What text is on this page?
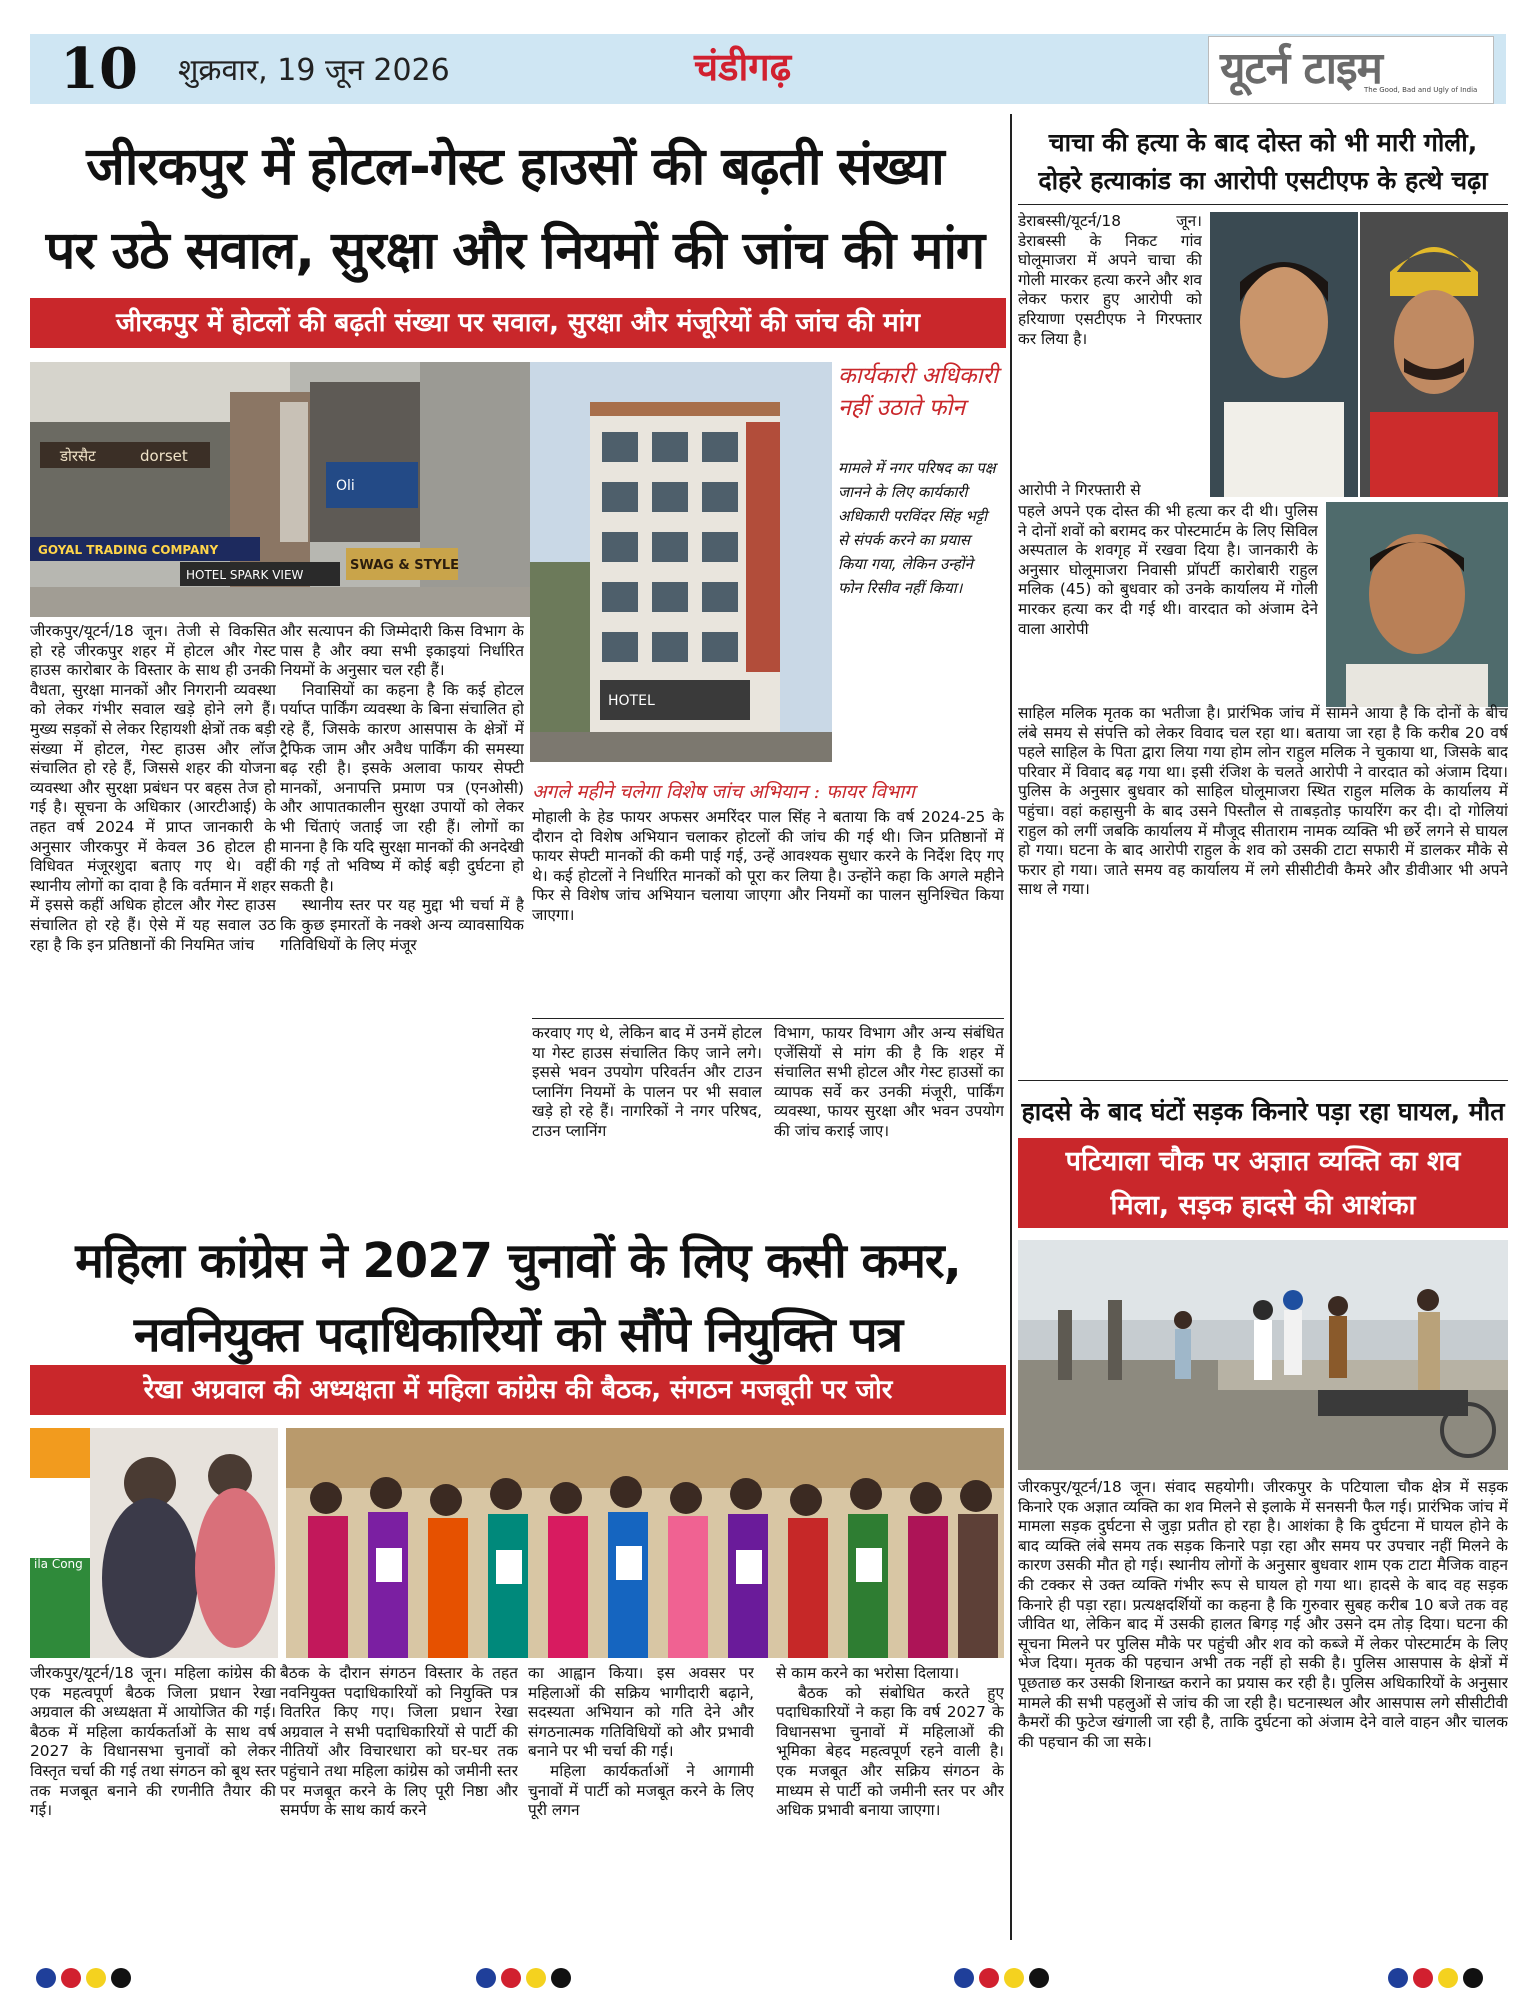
10 शुक्रवार, 19 जून 2026	चंडीगढ़	यूटर्न टाइम
The Good, Bad and Ugly of India
जीरकपुर में होटल-गेस्ट हाउसों की बढ़ती संख्या
पर उठे सवाल, सुरक्षा और नियमों की जांच की मांग
जीरकपुर में होटलों की बढ़ती संख्या पर सवाल, सुरक्षा और मंजूरियों की जांच की मांग
डोरसैट	dorset
GOYAL TRADING COMPANY
HOTEL SPARK VIEW
SWAG & STYLE
Oli
HOTEL
कार्यकारी अधिकारी नहीं उठाते फोन
मामले में नगर परिषद का पक्ष जानने के लिए कार्यकारी अधिकारी परविंदर सिंह भट्टी से संपर्क करने का प्रयास किया गया, लेकिन उन्होंने फोन रिसीव नहीं किया।

जीरकपुर/यूटर्न/18 जून। तेजी से विकसित हो रहे जीरकपुर शहर में होटल और गेस्ट हाउस कारोबार के विस्तार के साथ ही उनकी वैधता, सुरक्षा मानकों और निगरानी व्यवस्था को लेकर गंभीर सवाल खड़े होने लगे हैं। मुख्य सड़कों से लेकर रिहायशी क्षेत्रों तक बड़ी संख्या में होटल, गेस्ट हाउस और लॉज संचालित हो रहे हैं, जिससे शहर की योजना व्यवस्था और सुरक्षा प्रबंधन पर बहस तेज हो गई है। सूचना के अधिकार (आरटीआई) के तहत वर्ष 2024 में प्राप्त जानकारी के अनुसार जीरकपुर में केवल 36 होटल ही विधिवत मंजूरशुदा बताए गए थे। वहीं स्थानीय लोगों का दावा है कि वर्तमान में शहर में इससे कहीं अधिक होटल और गेस्ट हाउस संचालित हो रहे हैं। ऐसे में यह सवाल उठ रहा है कि इन प्रतिष्ठानों की नियमित जांच

और सत्यापन की जिम्मेदारी किस विभाग के पास है और क्या सभी इकाइयां निर्धारित नियमों के अनुसार चल रही हैं।

निवासियों का कहना है कि कई होटल पर्याप्त पार्किंग व्यवस्था के बिना संचालित हो रहे हैं, जिसके कारण आसपास के क्षेत्रों में ट्रैफिक जाम और अवैध पार्किंग की समस्या बढ़ रही है। इसके अलावा फायर सेफ्टी मानकों, अनापत्ति प्रमाण पत्र (एनओसी) और आपातकालीन सुरक्षा उपायों को लेकर भी चिंताएं जताई जा रही हैं। लोगों का मानना है कि यदि सुरक्षा मानकों की अनदेखी की गई तो भविष्य में कोई बड़ी दुर्घटना हो सकती है।

स्थानीय स्तर पर यह मुद्दा भी चर्चा में है कि कुछ इमारतों के नक्शे अन्य व्यावसायिक गतिविधियों के लिए मंजूर

अगले महीने चलेगा विशेष जांच अभियान : फायर विभाग

मोहाली के हेड फायर अफसर अमरिंदर पाल सिंह ने बताया कि वर्ष 2024-25 के दौरान दो विशेष अभियान चलाकर होटलों की जांच की गई थी। जिन प्रतिष्ठानों में फायर सेफ्टी मानकों की कमी पाई गई, उन्हें आवश्यक सुधार करने के निर्देश दिए गए थे। कई होटलों ने निर्धारित मानकों को पूरा कर लिया है। उन्होंने कहा कि अगले महीने फिर से विशेष जांच अभियान चलाया जाएगा और नियमों का पालन सुनिश्चित किया जाएगा।

करवाए गए थे, लेकिन बाद में उनमें होटल या गेस्ट हाउस संचालित किए जाने लगे। इससे भवन उपयोग परिवर्तन और टाउन प्लानिंग नियमों के पालन पर भी सवाल खड़े हो रहे हैं। नागरिकों ने नगर परिषद, टाउन प्लानिंग

विभाग, फायर विभाग और अन्य संबंधित एजेंसियों से मांग की है कि शहर में संचालित सभी होटल और गेस्ट हाउसों का व्यापक सर्वे कर उनकी मंजूरी, पार्किंग व्यवस्था, फायर सुरक्षा और भवन उपयोग की जांच कराई जाए।

महिला कांग्रेस ने 2027 चुनावों के लिए कसी कमर,
नवनियुक्त पदाधिकारियों को सौंपे नियुक्ति पत्र
रेखा अग्रवाल की अध्यक्षता में महिला कांग्रेस की बैठक, संगठन मजबूती पर जोर
ila Cong

जीरकपुर/यूटर्न/18 जून। महिला कांग्रेस की एक महत्वपूर्ण बैठक जिला प्रधान रेखा अग्रवाल की अध्यक्षता में आयोजित की गई। बैठक में महिला कार्यकर्ताओं के साथ वर्ष 2027 के विधानसभा चुनावों को लेकर विस्तृत चर्चा की गई तथा संगठन को बूथ स्तर तक मजबूत बनाने की रणनीति तैयार की गई।

बैठक के दौरान संगठन विस्तार के तहत नवनियुक्त पदाधिकारियों को नियुक्ति पत्र वितरित किए गए। जिला प्रधान रेखा अग्रवाल ने सभी पदाधिकारियों से पार्टी की नीतियों और विचारधारा को घर-घर तक पहुंचाने तथा महिला कांग्रेस को जमीनी स्तर पर मजबूत करने के लिए पूरी निष्ठा और समर्पण के साथ कार्य करने

का आह्वान किया। इस अवसर पर महिलाओं की सक्रिय भागीदारी बढ़ाने, सदस्यता अभियान को गति देने और संगठनात्मक गतिविधियों को और प्रभावी बनाने पर भी चर्चा की गई।

महिला कार्यकर्ताओं ने आगामी चुनावों में पार्टी को मजबूत करने के लिए पूरी लगन

से काम करने का भरोसा दिलाया।

बैठक को संबोधित करते हुए पदाधिकारियों ने कहा कि वर्ष 2027 के विधानसभा चुनावों में महिलाओं की भूमिका बेहद महत्वपूर्ण रहने वाली है। एक मजबूत और सक्रिय संगठन के माध्यम से पार्टी को जमीनी स्तर पर और अधिक प्रभावी बनाया जाएगा।

चाचा की हत्या के बाद दोस्त को भी मारी गोली,
दोहरे हत्याकांड का आरोपी एसटीएफ के हत्थे चढ़ा

डेराबस्सी/यूटर्न/18 जून। डेराबस्सी के निकट गांव घोलूमाजरा में अपने चाचा की गोली मारकर हत्या करने और शव लेकर फरार हुए आरोपी को हरियाणा एसटीएफ ने गिरफ्तार कर लिया है।

आरोपी ने गिरफ्तारी से

पहले अपने एक दोस्त की भी हत्या कर दी थी। पुलिस ने दोनों शवों को बरामद कर पोस्टमार्टम के लिए सिविल अस्पताल के शवगृह में रखवा दिया है। जानकारी के अनुसार घोलूमाजरा निवासी प्रॉपर्टी कारोबारी राहुल मलिक (45) को बुधवार को उनके कार्यालय में गोली मारकर हत्या कर दी गई थी। वारदात को अंजाम देने वाला आरोपी

साहिल मलिक मृतक का भतीजा है। प्रारंभिक जांच में सामने आया है कि दोनों के बीच लंबे समय से संपत्ति को लेकर विवाद चल रहा था। बताया जा रहा है कि करीब 20 वर्ष पहले साहिल के पिता द्वारा लिया गया होम लोन राहुल मलिक ने चुकाया था, जिसके बाद परिवार में विवाद बढ़ गया था। इसी रंजिश के चलते आरोपी ने वारदात को अंजाम दिया। पुलिस के अनुसार बुधवार को साहिल घोलूमाजरा स्थित राहुल मलिक के कार्यालय में पहुंचा। वहां कहासुनी के बाद उसने पिस्तौल से ताबड़तोड़ फायरिंग कर दी। दो गोलियां राहुल को लगीं जबकि कार्यालय में मौजूद सीताराम नामक व्यक्ति भी छर्रे लगने से घायल हो गया। घटना के बाद आरोपी राहुल के शव को उसकी टाटा सफारी में डालकर मौके से फरार हो गया। जाते समय वह कार्यालय में लगे सीसीटीवी कैमरे और डीवीआर भी अपने साथ ले गया।

हादसे के बाद घंटों सड़क किनारे पड़ा रहा घायल, मौत
पटियाला चौक पर अज्ञात व्यक्ति का शव
मिला, सड़क हादसे की आशंका

जीरकपुर/यूटर्न/18 जून। संवाद सहयोगी। जीरकपुर के पटियाला चौक क्षेत्र में सड़क किनारे एक अज्ञात व्यक्ति का शव मिलने से इलाके में सनसनी फैल गई। प्रारंभिक जांच में मामला सड़क दुर्घटना से जुड़ा प्रतीत हो रहा है। आशंका है कि दुर्घटना में घायल होने के बाद व्यक्ति लंबे समय तक सड़क किनारे पड़ा रहा और समय पर उपचार नहीं मिलने के कारण उसकी मौत हो गई। स्थानीय लोगों के अनुसार बुधवार शाम एक टाटा मैजिक वाहन की टक्कर से उक्त व्यक्ति गंभीर रूप से घायल हो गया था। हादसे के बाद वह सड़क किनारे ही पड़ा रहा। प्रत्यक्षदर्शियों का कहना है कि गुरुवार सुबह करीब 10 बजे तक वह जीवित था, लेकिन बाद में उसकी हालत बिगड़ गई और उसने दम तोड़ दिया। घटना की सूचना मिलने पर पुलिस मौके पर पहुंची और शव को कब्जे में लेकर पोस्टमार्टम के लिए भेज दिया। मृतक की पहचान अभी तक नहीं हो सकी है। पुलिस आसपास के क्षेत्रों में पूछताछ कर उसकी शिनाख्त कराने का प्रयास कर रही है। पुलिस अधिकारियों के अनुसार मामले की सभी पहलुओं से जांच की जा रही है। घटनास्थल और आसपास लगे सीसीटीवी कैमरों की फुटेज खंगाली जा रही है, ताकि दुर्घटना को अंजाम देने वाले वाहन और चालक की पहचान की जा सके।
